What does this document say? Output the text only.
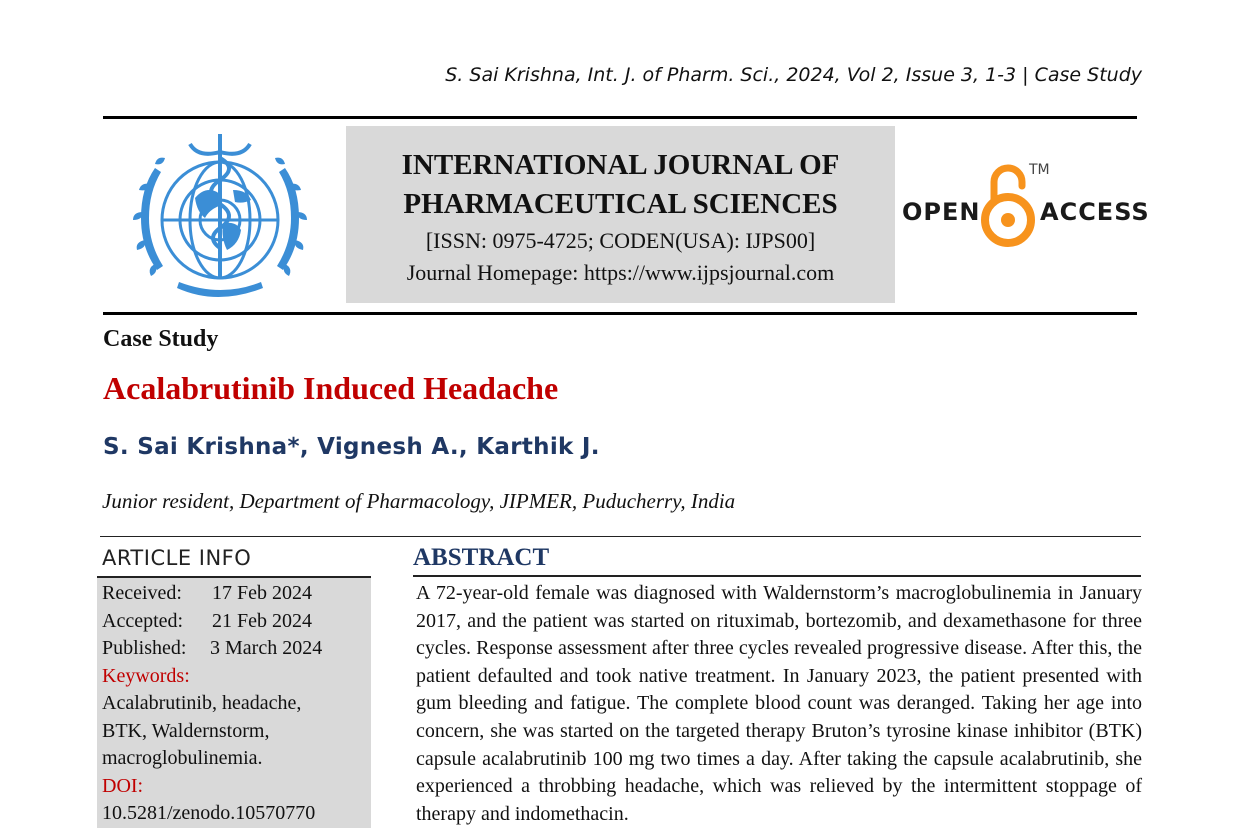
S. Sai Krishna, Int. J. of Pharm. Sci., 2024, Vol 2, Issue 3, 1-3 | Case Study
INTERNATIONAL JOURNAL OF
PHARMACEUTICAL SCIENCES
[ISSN: 0975-4725; CODEN(USA): IJPS00]
Journal Homepage: https://www.ijpsjournal.com
OPEN
TM
ACCESS
Case Study
Acalabrutinib Induced Headache
S. Sai Krishna*, Vignesh A., Karthik J.
Junior resident, Department of Pharmacology, JIPMER, Puducherry, India
ARTICLE INFO
Received:	17 Feb 2024
Accepted:	21 Feb 2024
Published:	3 March 2024
Keywords:
Acalabrutinib, headache,
BTK, Waldernstorm,
macroglobulinemia.
DOI:
10.5281/zenodo.10570770
ABSTRACT
A 72-year-old female was diagnosed with Waldernstorm’s macroglobulinemia in January 2017, and the patient was started on rituximab, bortezomib, and dexamethasone for three cycles. Response assessment after three cycles revealed progressive disease. After this, the patient defaulted and took native treatment. In January 2023, the patient presented with gum bleeding and fatigue. The complete blood count was deranged. Taking her age into concern, she was started on the targeted therapy Bruton’s tyrosine kinase inhibitor (BTK) capsule acalabrutinib 100 mg two times a day. After taking the capsule acalabrutinib, she experienced a throbbing headache, which was relieved by the intermittent stoppage of therapy and indomethacin.
